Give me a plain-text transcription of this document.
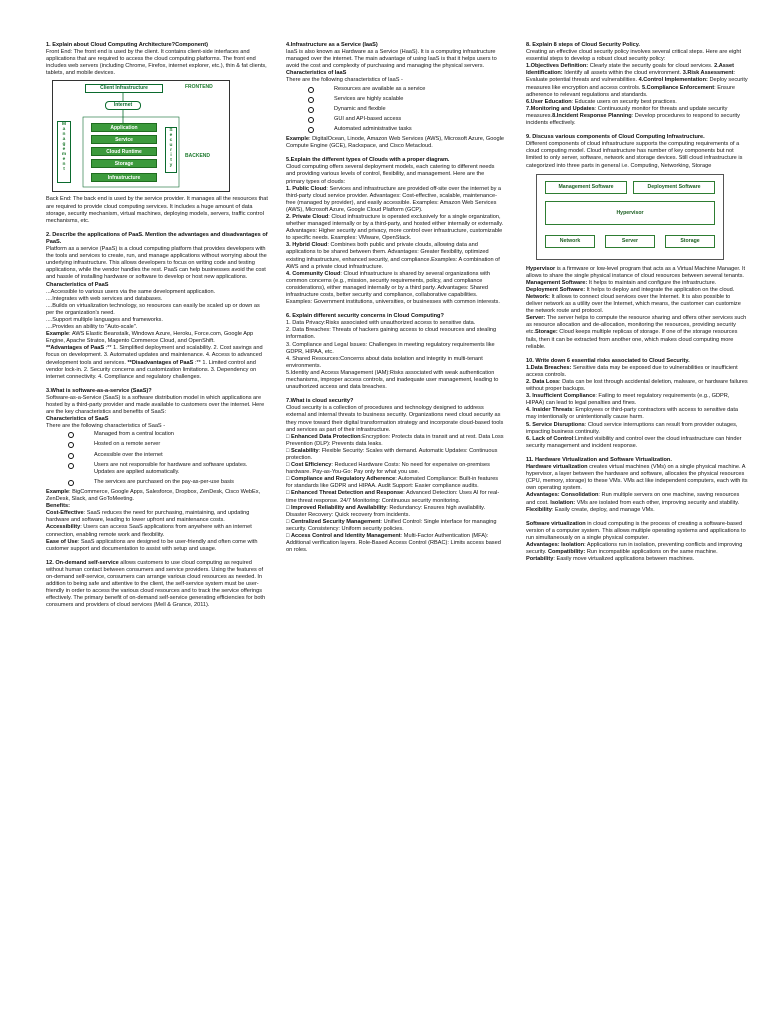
1. Explain about Cloud Computing Architecture?Component)

Front End: The front end is used by the client. It contains client-side interfaces and applications that are required to access the cloud computing platforms. The front end includes web servers (including Chrome, Firefox, internet explorer, etc.), thin & fat clients, tablets, and mobile devices.

Client Infrastructure	FRONTEND
Internet
M
a
n
a
g
e
m
e
n
t
Application
Service
Cloud Runtime
Storage
Infrastructure
S
e
c
u
r
i
t
y
BACKEND

Back End: The back end is used by the service provider. It manages all the resources that are required to provide cloud computing services. It includes a huge amount of data storage, security mechanism, virtual machines, deploying models, servers, traffic control mechanisms, etc.

2. Describe the applications of PaaS. Mention the advantages and disadvantages of PaaS.

Platform as a service (PaaS) is a cloud computing platform that provides developers with the tools and services to create, run, and manage applications without worrying about the underlying infrastructure. This allows developers to focus on writing code and testing applications, while the vendor handles the rest. PaaS can help businesses avoid the cost and hassle of installing hardware or software to develop or host new applications.

Characteristics of PaaS

...Accessible to various users via the same development application.

....Integrates with web services and databases.

....Builds on virtualization technology, so resources can easily be scaled up or down as per the organization's need.

....Support multiple languages and frameworks.

....Provides an ability to "Auto-scale".

Example: AWS Elastic Beanstalk, Windows Azure, Heroku, Force.com, Google App Engine, Apache Stratos, Magento Commerce Cloud, and OpenShift.

**Advantages of PaaS :** 1. Simplified deployment and scalability. 2. Cost savings and focus on development. 3. Automated updates and maintenance. 4. Access to advanced development tools and services. **Disadvantages of PaaS :** 1. Limited control and vendor lock-in. 2. Security concerns and customization limitations. 3. Dependency on internet connectivity. 4. Compliance and regulatory challenges.

3.What is software-as-a-service (SaaS)?

Software-as-a-Service (SaaS) is a software distribution model in which applications are hosted by a third-party provider and made available to customers over the internet. Here are the key characteristics and benefits of SaaS:

Characteristics of SaaS

There are the following characteristics of SaaS -

Managed from a central location
Hosted on a remote server
Accessible over the internet
Users are not responsible for hardware and software updates. Updates are applied automatically.
The services are purchased on the pay-as-per-use basis

Example: BigCommerce, Google Apps, Salesforce, Dropbox, ZenDesk, Cisco WebEx, ZenDesk, Slack, and GoToMeeting.

Benefits:

Cost-Effective: SaaS reduces the need for purchasing, maintaining, and updating hardware and software, leading to lower upfront and maintenance costs.

Accessibility: Users can access SaaS applications from anywhere with an internet connection, enabling remote work and flexibility.

Ease of Use: SaaS applications are designed to be user-friendly and often come with customer support and documentation to assist with setup and usage.

12. On-demand self-service allows customers to use cloud computing as required without human contact between consumers and service providers. Using the features of on-demand self-service, consumers can arrange various cloud resources as needed. In addition to being safe and attentive to the client, the self-service system must be user-friendly in order to access the various cloud resources and to track the service offerings effectively. The primary benefit of on-demand self-service generating efficiencies for both consumers and providers of cloud services (Mell & Grance, 2011).

4.Infrastructure as a Service (IaaS)

IaaS is also known as Hardware as a Service (HaaS). It is a computing infrastructure managed over the internet. The main advantage of using IaaS is that it helps users to avoid the cost and complexity of purchasing and managing the physical servers.

Characteristics of IaaS

There are the following characteristics of IaaS -

Resources are available as a service
Services are highly scalable
Dynamic and flexible
GUI and API-based access
Automated administrative tasks

Example: DigitalOcean, Linode, Amazon Web Services (AWS), Microsoft Azure, Google Compute Engine (GCE), Rackspace, and Cisco Metacloud.

5.Explain the different types of Clouds with a proper diagram.

Cloud computing offers several deployment models, each catering to different needs and providing various levels of control, flexibility, and management. Here are the primary types of clouds:

1. Public Cloud: Services and infrastructure are provided off-site over the internet by a third-party cloud service provider. Advantages: Cost-effective, scalable, maintenance-free (managed by provider), and easily accessible. Examples: Amazon Web Services (AWS), Microsoft Azure, Google Cloud Platform (GCP).

2. Private Cloud: Cloud infrastructure is operated exclusively for a single organization, whether managed internally or by a third-party, and hosted either internally or externally. Advantages: Higher security and privacy, more control over infrastructure, customizable to specific needs. Examples: VMware, OpenStack.

3. Hybrid Cloud: Combines both public and private clouds, allowing data and applications to be shared between them. Advantages: Greater flexibility, optimized existing infrastructure, enhanced security, and compliance.Examples: A combination of AWS and a private cloud infrastructure.

4. Community Cloud: Cloud infrastructure is shared by several organizations with common concerns (e.g., mission, security requirements, policy, and compliance considerations), either managed internally or by a third party. Advantages: Shared infrastructure costs, better security and compliance, collaborative capabilities. Examples: Government institutions, universities, or businesses with common interests.

6. Explain different security concerns in Cloud Computing?

1. Data Privacy:Risks associated with unauthorized access to sensitive data.

2. Data Breaches: Threats of hackers gaining access to cloud resources and stealing information.

3. Compliance and Legal Issues: Challenges in meeting regulatory requirements like GDPR, HIPAA, etc.

4. Shared Resources:Concerns about data isolation and integrity in multi-tenant environments.

5.Identity and Access Management (IAM):Risks associated with weak authentication mechanisms, improper access controls, and inadequate user management, leading to unauthorized access and data breaches.

7.What is cloud security?

Cloud security is a collection of procedures and technology designed to address external and internal threats to business security. Organizations need cloud security as they move toward their digital transformation strategy and incorporate cloud-based tools and services as part of their infrastructure.

□ Enhanced Data Protection:Encryption: Protects data in transit and at rest. Data Loss Prevention (DLP): Prevents data leaks.

□ Scalability: Flexible Security: Scales with demand. Automatic Updates: Continuous protection.

□ Cost Efficiency: Reduced Hardware Costs: No need for expensive on-premises hardware. Pay-as-You-Go: Pay only for what you use.

□ Compliance and Regulatory Adherence: Automated Compliance: Built-in features for standards like GDPR and HIPAA. Audit Support: Easier compliance audits.

□ Enhanced Threat Detection and Response: Advanced Detection: Uses AI for real-time threat response. 24/7 Monitoring: Continuous security monitoring.

□ Improved Reliability and Availability: Redundancy: Ensures high availability. Disaster Recovery: Quick recovery from incidents.

□ Centralized Security Management: Unified Control: Single interface for managing security. Consistency: Uniform security policies.

□ Access Control and Identity Management: Multi-Factor Authentication (MFA): Additional verification layers. Role-Based Access Control (RBAC): Limits access based on roles.

8. Explain 8 steps of Cloud Security Policy.

Creating an effective cloud security policy involves several critical steps. Here are eight essential steps to develop a robust cloud security policy:

1.Objectives Definition: Clearly state the security goals for cloud services. 2.Asset Identification: Identify all assets within the cloud environment. 3.Risk Assessment: Evaluate potential threats and vulnerabilities. 4.Control Implementation: Deploy security measures like encryption and access controls. 5.Compliance Enforcement: Ensure adherence to relevant regulations and standards.

6.User Education: Educate users on security best practices.

7.Monitoring and Updates: Continuously monitor for threats and update security measures.8.Incident Response Planning: Develop procedures to respond to security incidents effectively.

9. Discuss various components of Cloud Computing Infrastructure.

Different components of cloud infrastructure supports the computing requirements of a cloud computing model. Cloud infrastructure has number of key components but not limited to only server, software, network and storage devices. Still cloud infrastructure is categorized into three parts in general i.e. Computing, Networking, Storage

Management Software	Deployment Software
Hypervisor
Network	Server	Storage

Hypervisor is a firmware or low-level program that acts as a Virtual Machine Manager. It allows to share the single physical instance of cloud resources between several tenants.

Management Software: It helps to maintain and configure the infrastructure.

Deployment Software: It helps to deploy and integrate the application on the cloud.

Network: It allows to connect cloud services over the Internet. It is also possible to deliver network as a utility over the Internet, which means, the customer can customize the network route and protocol.

Server: The server helps to compute the resource sharing and offers other services such as resource allocation and de-allocation, monitoring the resources, providing security etc.Storage: Cloud keeps multiple replicas of storage. If one of the storage resources fails, then it can be extracted from another one, which makes cloud computing more reliable.

10. Write down 6 essential risks associated to Cloud Security.

1.Data Breaches: Sensitive data may be exposed due to vulnerabilities or insufficient access controls.

2. Data Loss: Data can be lost through accidental deletion, malware, or hardware failures without proper backups.

3. Insufficient Compliance: Failing to meet regulatory requirements (e.g., GDPR, HIPAA) can lead to legal penalties and fines.

4. Insider Threats: Employees or third-party contractors with access to sensitive data may intentionally or unintentionally cause harm.

5. Service Disruptions: Cloud service interruptions can result from provider outages, impacting business continuity.

6. Lack of Control:Limited visibility and control over the cloud infrastructure can hinder security management and incident response.

11. Hardware Virtualization and Software Virtualization.

Hardware virtualization creates virtual machines (VMs) on a single physical machine. A hypervisor, a layer between the hardware and software, allocates the physical resources (CPU, memory, storage) to these VMs. VMs act like independent computers, each with its own operating system.

Advantages: Consolidation: Run multiple servers on one machine, saving resources and cost. Isolation: VMs are isolated from each other, improving security and stability. Flexibility: Easily create, deploy, and manage VMs.

Software virtualization in cloud computing is the process of creating a software-based version of a computer system. This allows multiple operating systems and applications to run simultaneously on a single physical computer.

Advantages: Isolation: Applications run in isolation, preventing conflicts and improving security. Compatibility: Run incompatible applications on the same machine. Portability: Easily move virtualized applications between machines.
